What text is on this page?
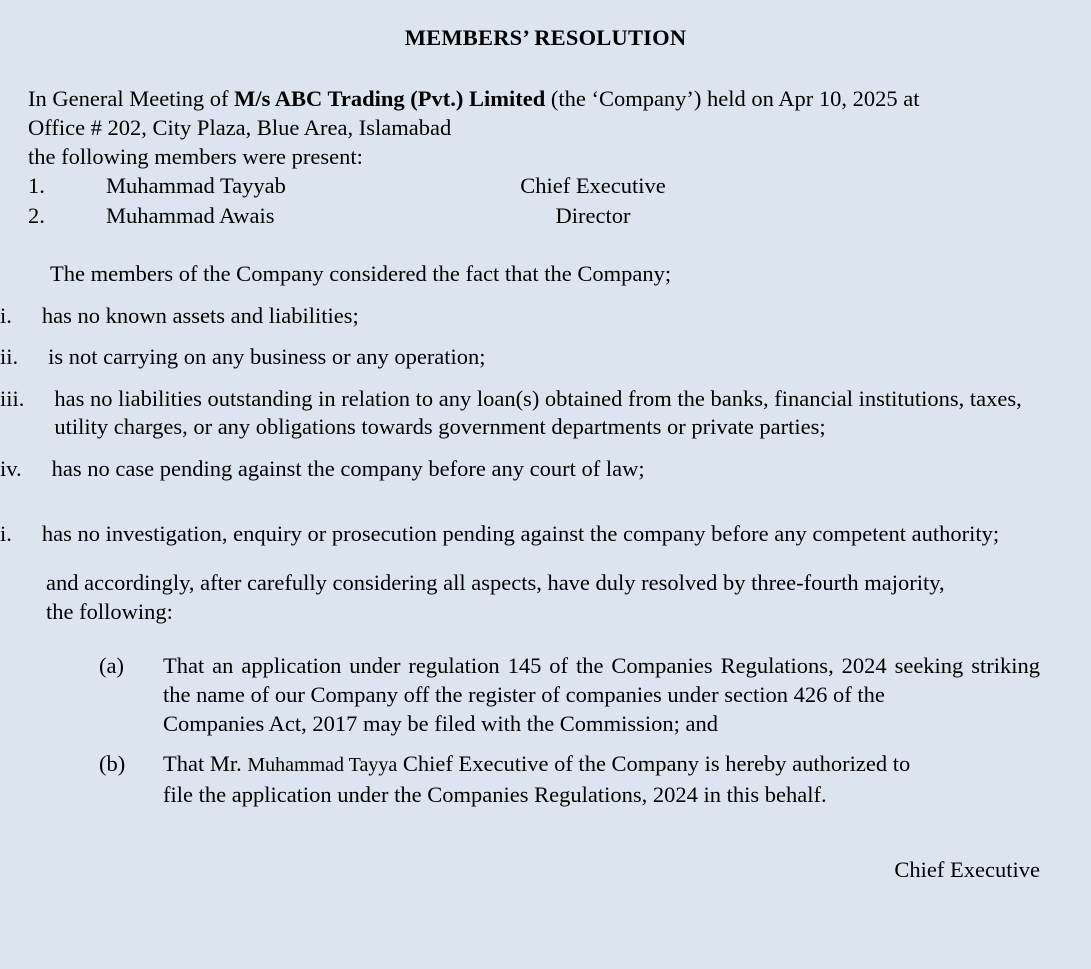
MEMBERS’ RESOLUTION
In General Meeting of M/s ABC Trading (Pvt.) Limited (the ‘Company’) held on Apr 10, 2025 at
Office # 202, City Plaza, Blue Area, Islamabad
the following members were present:
1.	Muhammad Tayyab	Chief Executive
2.	Muhammad Awais	Director
The members of the Company considered the fact that the Company;
i.	has no known assets and liabilities;
ii.	is not carrying on any business or any operation;
iii.	has no liabilities outstanding in relation to any loan(s) obtained from the banks, financial institutions, taxes, utility charges, or any obligations towards government departments or private parties;
iv.	has no case pending against the company before any court of law;
i.	has no investigation, enquiry or prosecution pending against the company before any competent authority;
and accordingly, after carefully considering all aspects, have duly resolved by three-fourth majority,
the following:
(a)	That an application under regulation 145 of the Companies Regulations, 2024 seeking striking the name of our Company off the register of companies under section 426 of the
Companies Act, 2017 may be filed with the Commission; and
(b)	That Mr. Muhammad Tayya Chief Executive of the Company is hereby authorized to
file the application under the Companies Regulations, 2024 in this behalf.
Chief Executive
